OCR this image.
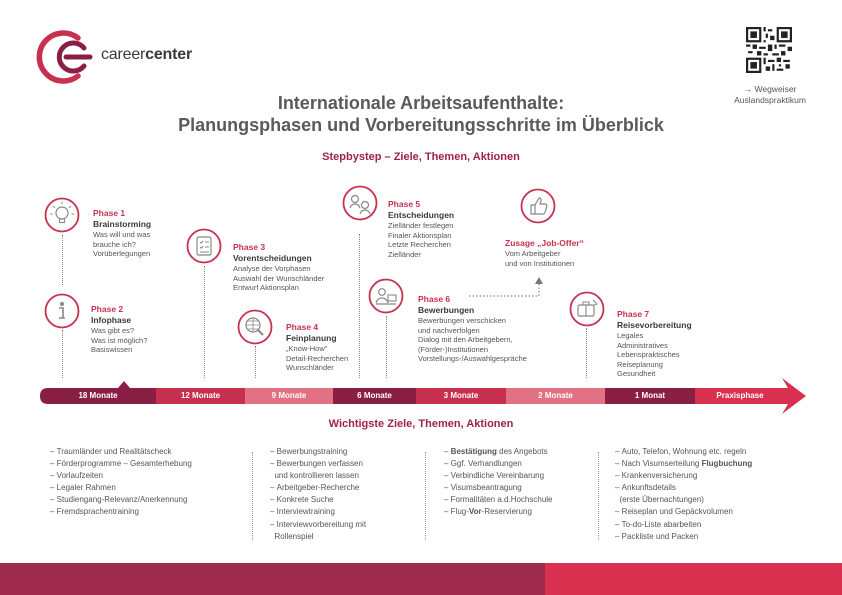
careercenter
→ Wegweiser
Auslandspraktikum
Internationale Arbeitsaufenthalte:
Planungsphasen und Vorbereitungsschritte im Überblick
Stepbystep – Ziele, Themen, Aktionen
Phase 1
Brainstorming
Was will und was
brauche ich?
Vorüberlegungen
Phase 2
Infophase
Was gibt es?
Was ist möglich?
Basiswissen
Phase 3
Vorentscheidungen
Analyse der Vorphasen
Auswahl der Wunschländer
Entwurf Aktionsplan
Phase 4
Feinplanung
„Know-How“
Detail-Recherchen
Wunschländer
Phase 5
Entscheidungen
Zielländer festlegen
Finaler Aktionsplan
Letzte Recherchen
Zielländer
Phase 6
Bewerbungen
Bewerbungen verschicken
und nachverfolgen
Dialog mit den Arbeitgebern,
(Förder-)Institutionen
Vorstellungs-/Auswahlgespräche
Phase 7
Reisevorbereitung
Legales
Administratives
Lebenspraktisches
Reiseplanung
Gesundheit
Zusage „Job-Offer“
Vom Arbeitgeber
und von Institutionen
18 Monate	12 Monate	9 Monate	6 Monate	3 Monate	2 Monate	1 Monat	Praxisphase
Wichtigste Ziele, Themen, Aktionen
– Traumländer und Realitätscheck
– Förderprogramme – Gesamterhebung
– Vorlaufzeiten
– Legaler Rahmen
– Studiengang-Relevanz/Anerkennung
– Fremdsprachentraining
– Bewerbungstraining
– Bewerbungen verfassen
und kontrollieren lassen
– Arbeitgeber-Recherche
– Konkrete Suche
– Interviewtraining
– Interviewvorbereitung mit
Rollenspiel
– Bestätigung des Angebots
– Ggf. Verhandlungen
– Verbindliche Vereinbarung
– Visumsbeantragung
– Formalitäten a.d.Hochschule
– Flug-Vor-Reservierung
– Auto, Telefon, Wohnung etc. regeln
– Nach Visumserteilung Flugbuchung
– Krankenversicherung
– Ankunftsdetails
(erste Übernachtungen)
– Reiseplan und Gepäckvolumen
– To-do-Liste abarbeiten
– Packliste und Packen
